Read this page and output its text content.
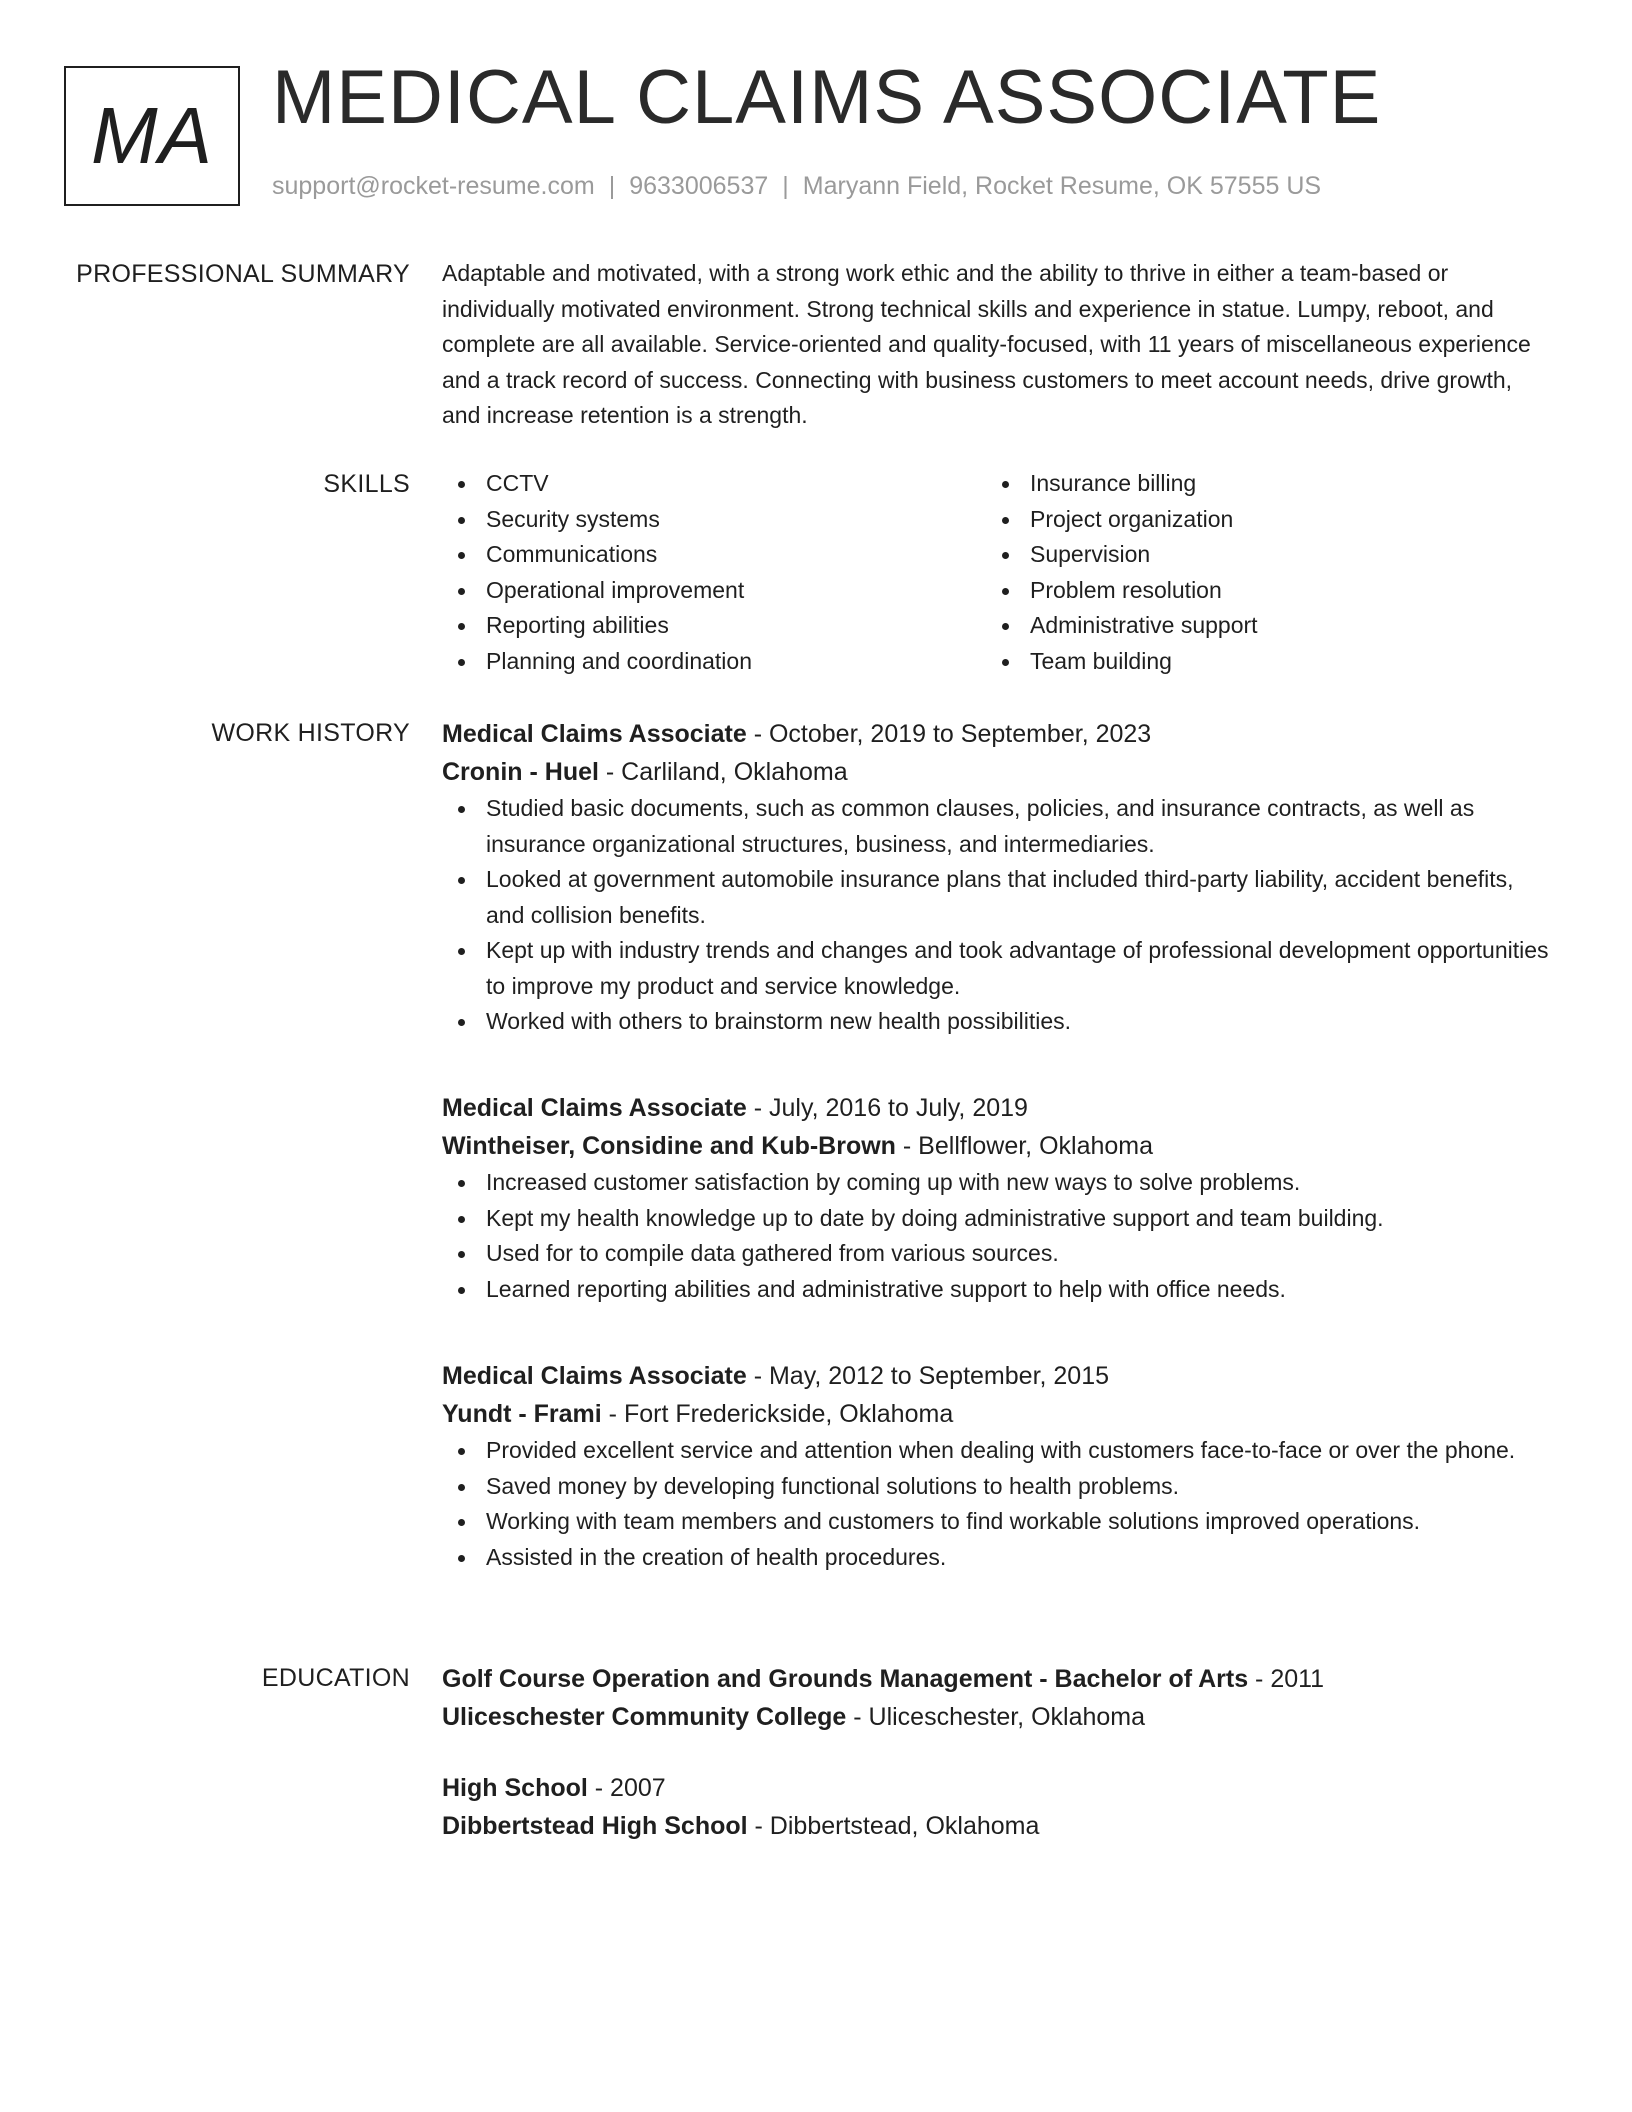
MA MEDICAL CLAIMS ASSOCIATE
support@rocket-resume.com | 9633006537 | Maryann Field, Rocket Resume, OK 57555 US
PROFESSIONAL SUMMARY Adaptable and motivated, with a strong work ethic and the ability to thrive in either a team-based or individually motivated environment. Strong technical skills and experience in statue. Lumpy, reboot, and complete are all available. Service-oriented and quality-focused, with 11 years of miscellaneous experience and a track record of success. Connecting with business customers to meet account needs, drive growth, and increase retention is a strength.

SKILLS	CCTV
Security systems
Communications
Operational improvement
Reporting abilities
Planning and coordination
Insurance billing
Project organization
Supervision
Problem resolution
Administrative support
Team building
WORK HISTORY Medical Claims Associate - October, 2019 to September, 2023
Cronin - Huel - Carliland, Oklahoma
Studied basic documents, such as common clauses, policies, and insurance contracts, as well as insurance organizational structures, business, and intermediaries.
Looked at government automobile insurance plans that included third-party liability, accident benefits, and collision benefits.
Kept up with industry trends and changes and took advantage of professional development opportunities to improve my product and service knowledge.
Worked with others to brainstorm new health possibilities.
Medical Claims Associate - July, 2016 to July, 2019
Wintheiser, Considine and Kub-Brown - Bellflower, Oklahoma
Increased customer satisfaction by coming up with new ways to solve problems.
Kept my health knowledge up to date by doing administrative support and team building.
Used for to compile data gathered from various sources.
Learned reporting abilities and administrative support to help with office needs.
Medical Claims Associate - May, 2012 to September, 2015
Yundt - Frami - Fort Frederickside, Oklahoma
Provided excellent service and attention when dealing with customers face-to-face or over the phone.
Saved money by developing functional solutions to health problems.
Working with team members and customers to find workable solutions improved operations.
Assisted in the creation of health procedures.
EDUCATION Golf Course Operation and Grounds Management - Bachelor of Arts - 2011
Uliceschester Community College - Uliceschester, Oklahoma
High School - 2007
Dibbertstead High School - Dibbertstead, Oklahoma
